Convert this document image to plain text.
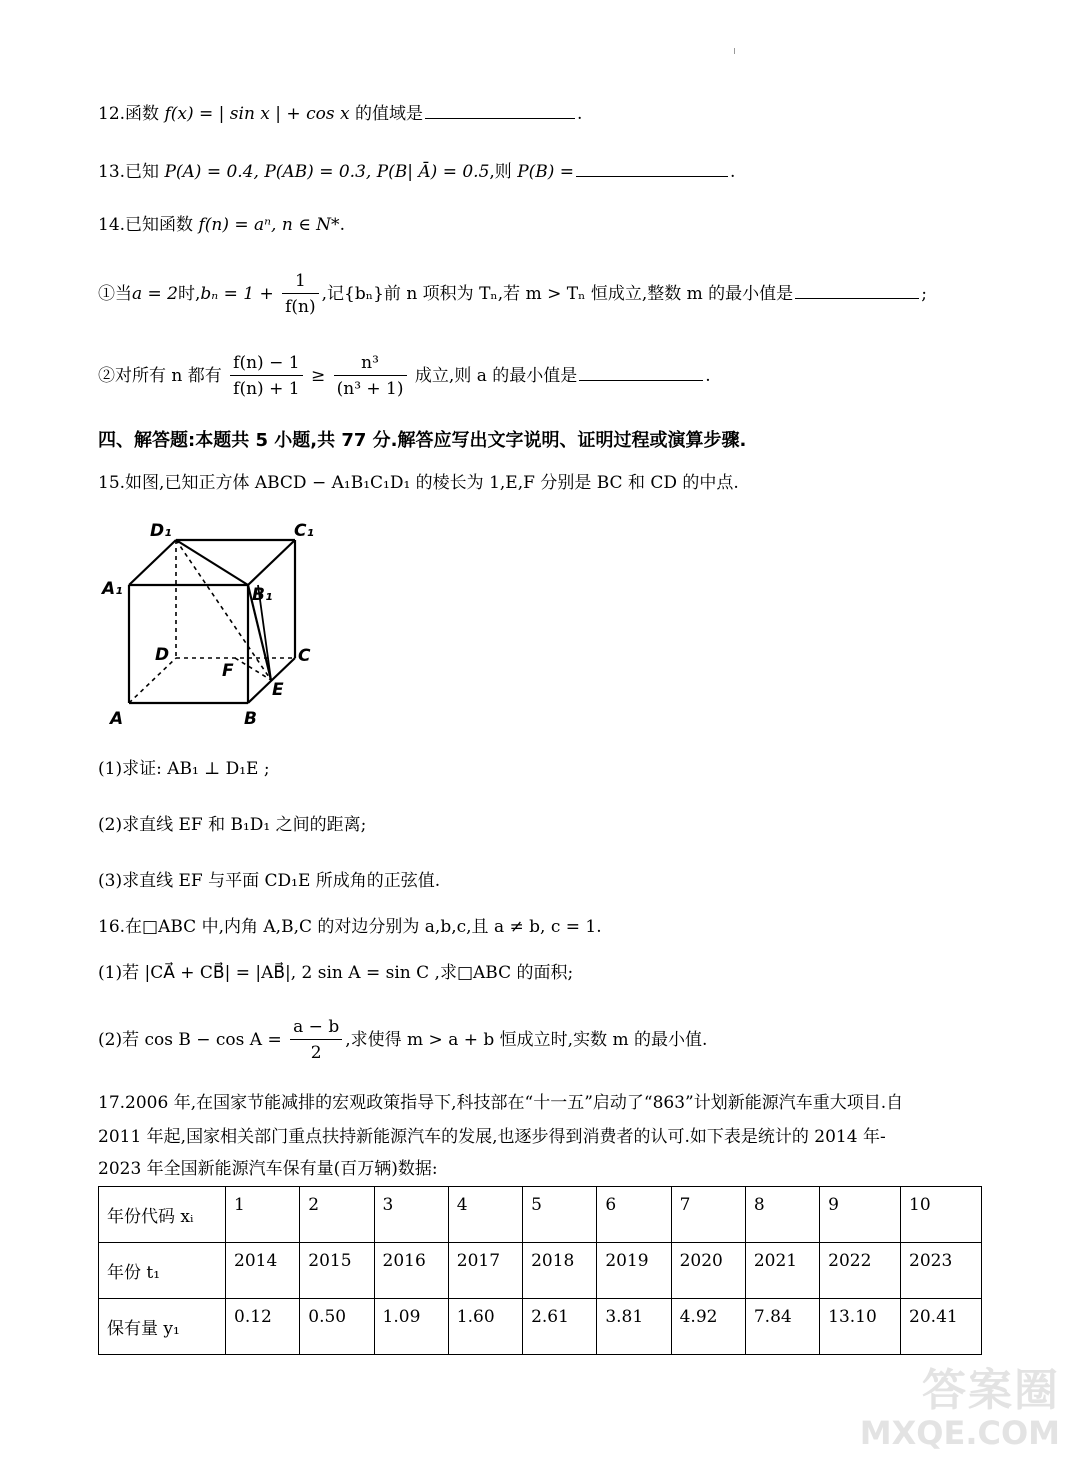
12.函数 f(x) = | sin x | + cos x 的值域是	.
13.已知 P(A) = 0.4, P(AB) = 0.3, P(B| Ā) = 0.5,则 P(B) =	.
14.已知函数 f(n) = aⁿ, n ∈ N*.
①当a = 2时$,b_n = 1 + \frac{1}{f(n)}$ ,记{bₙ}前 n 项积为 Tₙ,若 m > Tₙ 恒成立,整数 m 的最小值是	;
②对所有 n 都有 $\frac{f(n) - 1}{f(n) + 1} \ge \frac{\text{n³}}{\text{(n³ + 1)}}$ 成立,则 a 的最小值是	.
四、解答题:本题共 5 小题,共 77 分.解答应写出文字说明、证明过程或演算步骤.
15.如图,已知正方体 ABCD − A₁B₁C₁D₁ 的棱长为 1,E,F 分别是 BC 和 CD 的中点.
D₁	C₁
A₁	B₁
D	C
F
E
A	B
(1)求证: AB₁ ⊥ D₁E ;
(2)求直线 EF 和 B₁D₁ 之间的距离;
(3)求直线 EF 与平面 CD₁E 所成角的正弦值.
16.在□ABC 中,内角 A,B,C 的对边分别为 a,b,c,且 a ≠ b, c = 1.
(1)若 |CA⃗ + CB⃗| = |AB⃗|, 2 sin A = sin C ,求□ABC 的面积;
(2)若 $\cos B - \cos A = \frac{a - b}{2}$ ,求使得 m > a + b 恒成立时,实数 m 的最小值.
17.2006 年,在国家节能减排的宏观政策指导下,科技部在“十一五”启动了“863”计划新能源汽车重大项目.自
2011 年起,国家相关部门重点扶持新能源汽车的发展,也逐步得到消费者的认可.如下表是统计的 2014 年-
2023 年全国新能源汽车保有量(百万辆)数据:
年份代码 xᵢ	1	2	3	4	5	6	7	8	9	10
年份 t₁	2014	2015	2016	2017	2018	2019	2020	2021	2022	2023
保有量 y₁	0.12	0.50	1.09	1.60	2.61	3.81	4.92	7.84	13.10	20.41
答案圈
MXQE.COM
